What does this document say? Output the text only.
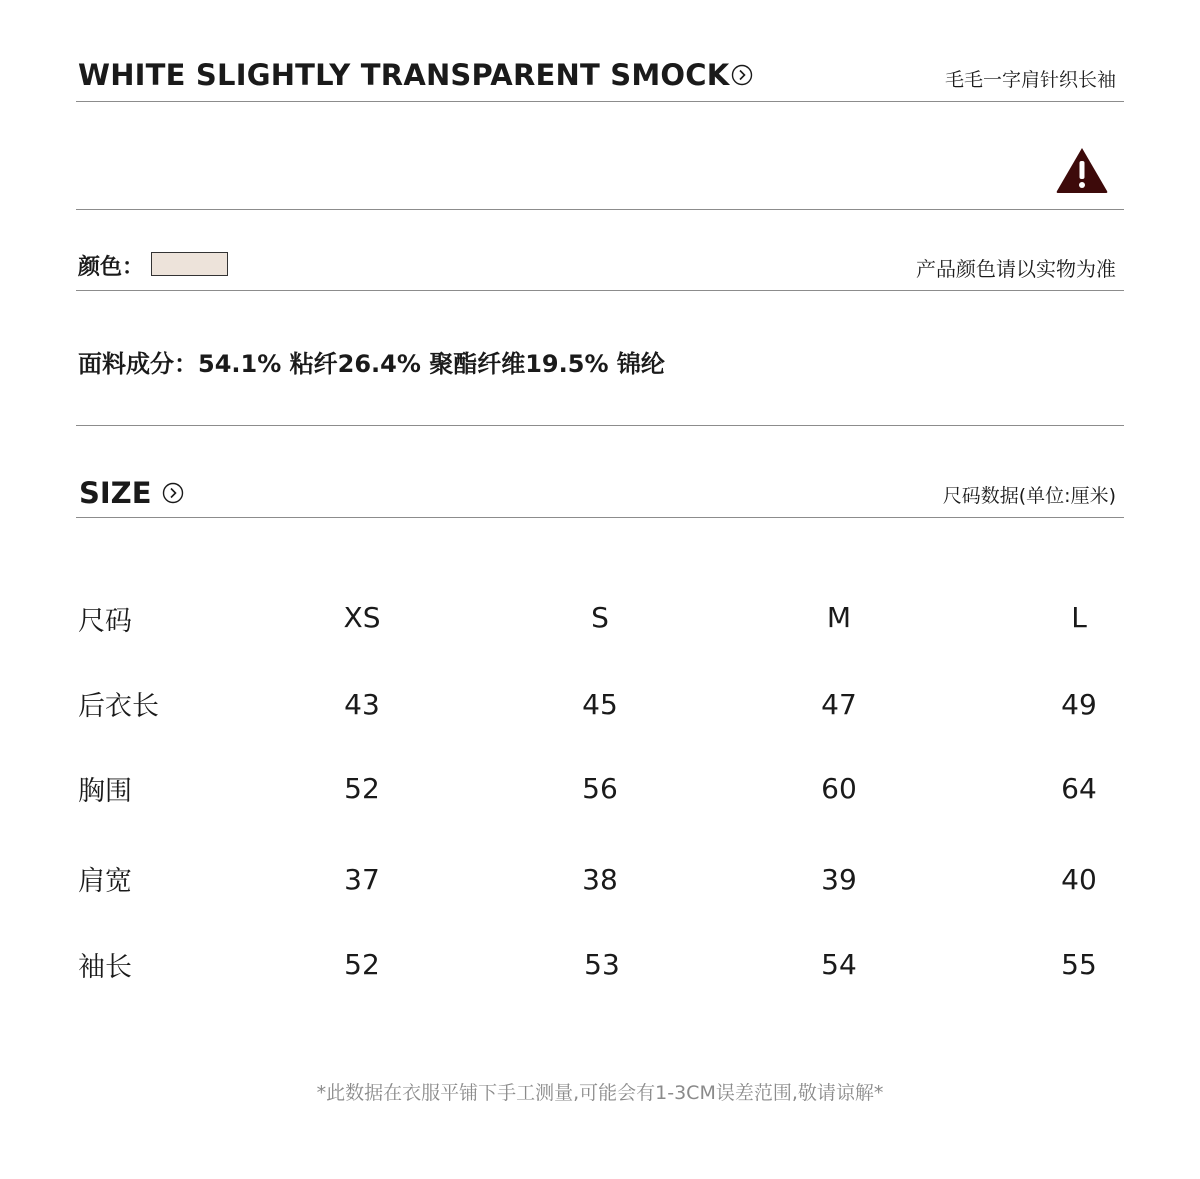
WHITE SLIGHTLY TRANSPARENT SMOCK	毛毛一字肩针织长袖
颜色：	产品颜色请以实物为准
面料成分：54.1% 粘纤26.4% 聚酯纤维19.5% 锦纶
SIZE	尺码数据(单位:厘米)
尺码	XS	S	M	L
后衣长	43	45	47	49
胸围	52	56	60	64
肩宽	37	38	39	40
袖长	52	53	54	55
*此数据在衣服平铺下手工测量,可能会有1-3CM误差范围,敬请谅解*
